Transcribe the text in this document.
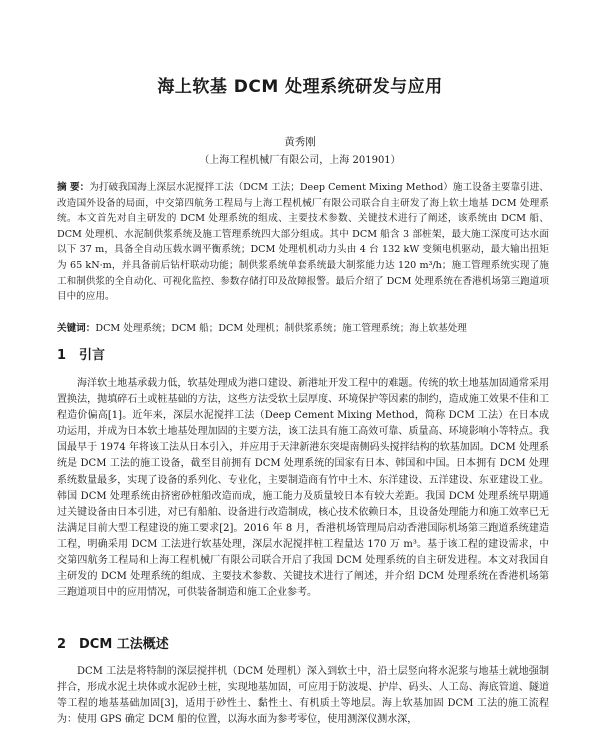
海上软基 DCM 处理系统研发与应用
黄秀刚
（上海工程机械厂有限公司，上海 201901）

摘 要：为打破我国海上深层水泥搅拌工法（DCM 工法；Deep Cement Mixing Method）施工设备主要靠引进、改造国外设备的局面，中交第四航务工程局与上海工程机械厂有限公司联合自主研发了海上软土地基 DCM 处理系统。本文首先对自主研发的 DCM 处理系统的组成、主要技术参数、关键技术进行了阐述，该系统由 DCM 船、DCM 处理机、水泥制供浆系统及施工管理系统四大部分组成。其中 DCM 船含 3 部桩架，最大施工深度可达水面以下 37 m，具备全自动压载水调平衡系统；DCM 处理机机动力头由 4 台 132 kW 变频电机驱动，最大输出扭矩为 65 kN·m，并具备前后钻杆联动功能；制供浆系统单套系统最大制浆能力达 120 m³/h；施工管理系统实现了施工和制供浆的全自动化、可视化监控、参数存储打印及故障报警。最后介绍了 DCM 处理系统在香港机场第三跑道项目中的应用。

关键词：DCM 处理系统；DCM 船；DCM 处理机；制供浆系统；施工管理系统；海上软基处理

1 引言

海洋软土地基承载力低，软基处理成为港口建设、新港址开发工程中的难题。传统的软土地基加固通常采用置换法，抛填碎石土或桩基础的方法，这些方法受软土层厚度、环境保护等因素的制约，造成施工效果不佳和工程造价偏高[1]。近年来，深层水泥搅拌工法（Deep Cement Mixing Method，简称 DCM 工法）在日本成功运用，并成为日本软土地基处理加固的主要方法，该工法具有施工高效可靠、质量高、环境影响小等特点。我国最早于 1974 年将该工法从日本引入，并应用于天津新港东突堤南侧码头搅拌结构的软基加固。DCM 处理系统是 DCM 工法的施工设备，截至目前拥有 DCM 处理系统的国家有日本、韩国和中国。日本拥有 DCM 处理系统数量最多，实现了设备的系列化、专业化，主要制造商有竹中土木、东洋建设、五洋建设、东亚建设工业。韩国 DCM 处理系统由挤密砂桩船改造而成，施工能力及质量较日本有较大差距。我国 DCM 处理系统早期通过关键设备由日本引进，对已有船舶、设备进行改造制成，核心技术依赖日本，且设备处理能力和施工效率已无法满足目前大型工程建设的施工要求[2]。2016 年 8 月，香港机场管理局启动香港国际机场第三跑道系统建造工程，明确采用 DCM 工法进行软基处理，深层水泥搅拌桩工程量达 170 万 m³。基于该工程的建设需求，中交第四航务工程局和上海工程机械厂有限公司联合开启了我国 DCM 处理系统的自主研发进程。本文对我国自主研发的 DCM 处理系统的组成、主要技术参数、关键技术进行了阐述，并介绍 DCM 处理系统在香港机场第三跑道项目中的应用情况，可供装备制造和施工企业参考。

2 DCM 工法概述

DCM 工法是将特制的深层搅拌机（DCM 处理机）深入到软土中，沿土层竖向将水泥浆与地基土就地强制拌合，形成水泥土块体或水泥砂土桩，实现地基加固，可应用于防波堤、护岸、码头、人工岛、海底管道、隧道等工程的地基基础加固[3]，适用于砂性土、黏性土、有机质土等地层。海上软基加固 DCM 工法的施工流程为：使用 GPS 确定 DCM 船的位置，以海水面为参考零位，使用测深仪测水深，
